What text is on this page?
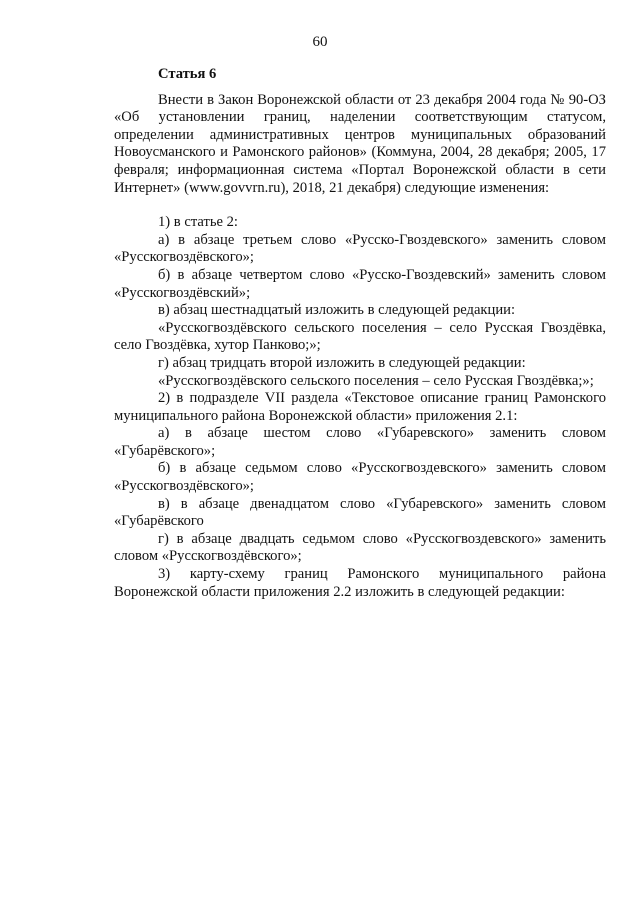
60
Статья 6

Внести в Закон Воронежской области от 23 декабря 2004 года № 90-ОЗ «Об установлении границ, наделении соответствующим статусом, определении административных центров муниципальных образований Новоусманского и Рамонского районов» (Коммуна, 2004, 28 декабря; 2005, 17 февраля; информационная система «Портал Воронежской области в сети Интернет» (www.govvrn.ru), 2018, 21 декабря) следующие изменения:

1) в статье 2:

а) в абзаце третьем слово «Русско-Гвоздевского» заменить словом «Русскогвоздёвского»;

б) в абзаце четвертом слово «Русско-Гвоздевский» заменить словом «Русскогвоздёвский»;

в) абзац шестнадцатый изложить в следующей редакции:

«Русскогвоздёвского сельского поселения – село Русская Гвоздёвка, село Гвоздёвка, хутор Панково;»;

г) абзац тридцать второй изложить в следующей редакции:

«Русскогвоздёвского сельского поселения – село Русская Гвоздёвка;»;

2) в подразделе VII раздела «Текстовое описание границ Рамонского муниципального района Воронежской области» приложения 2.1:

а) в абзаце шестом слово «Губаревского» заменить словом «Губарёвского»;

б) в абзаце седьмом слово «Русскогвоздевского» заменить словом «Русскогвоздёвского»;

в) в абзаце двенадцатом слово «Губаревского» заменить словом «Губарёвского

г) в абзаце двадцать седьмом слово «Русскогвоздевского» заменить словом «Русскогвоздёвского»;

3) карту-схему границ Рамонского муниципального района Воронежской области приложения 2.2 изложить в следующей редакции:
